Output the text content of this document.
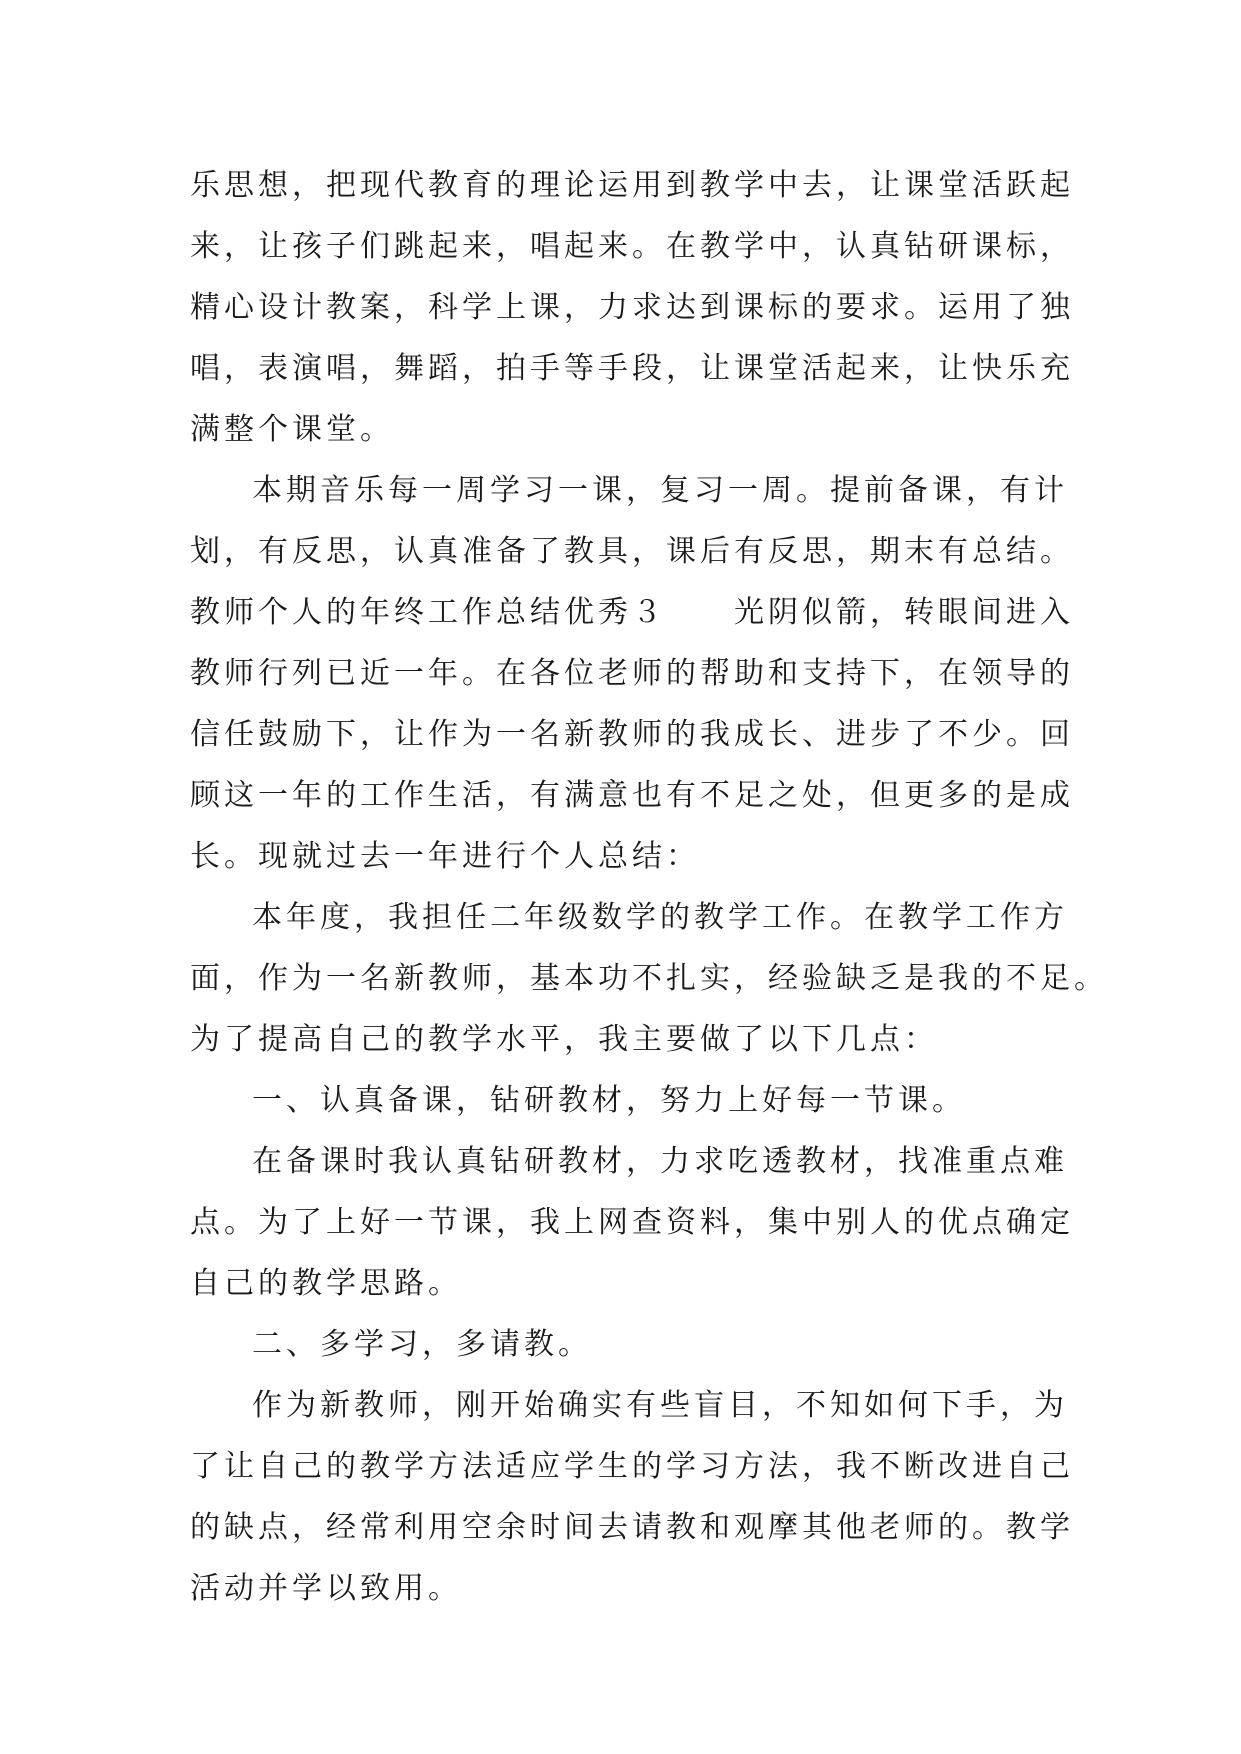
乐思想，把现代教育的理论运用到教学中去，让课堂活跃起
来，让孩子们跳起来，唱起来。在教学中，认真钻研课标，
精心设计教案，科学上课，力求达到课标的要求。运用了独
唱，表演唱，舞蹈，拍手等手段，让课堂活起来，让快乐充
满整个课堂。
本期音乐每一周学习一课，复习一周。提前备课，有计
划，有反思，认真准备了教具，课后有反思，期末有总结。
教师个人的年终工作总结优秀３　　光阴似箭，转眼间进入
教师行列已近一年。在各位老师的帮助和支持下，在领导的
信任鼓励下，让作为一名新教师的我成长、进步了不少。回
顾这一年的工作生活，有满意也有不足之处，但更多的是成
长。现就过去一年进行个人总结：
本年度，我担任二年级数学的教学工作。在教学工作方
面，作为一名新教师，基本功不扎实，经验缺乏是我的不足。
为了提高自己的教学水平，我主要做了以下几点：
一、认真备课，钻研教材，努力上好每一节课。
在备课时我认真钻研教材，力求吃透教材，找准重点难
点。为了上好一节课，我上网查资料，集中别人的优点确定
自己的教学思路。
二、多学习，多请教。
作为新教师，刚开始确实有些盲目，不知如何下手，为
了让自己的教学方法适应学生的学习方法，我不断改进自己
的缺点，经常利用空余时间去请教和观摩其他老师的。教学
活动并学以致用。
